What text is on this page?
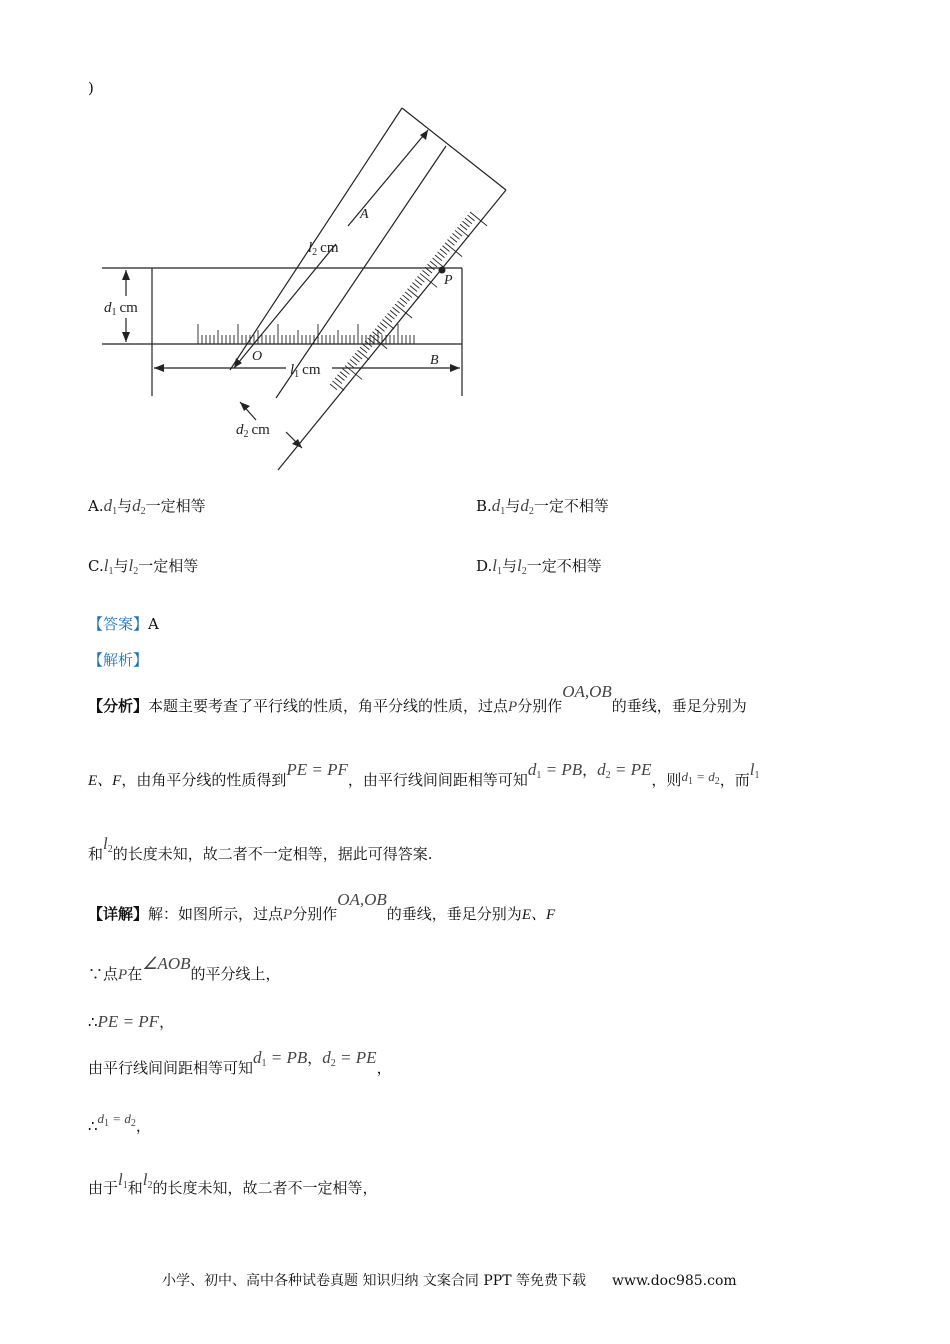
)
A
B
O
P
$l_2$ cm
$d_1$ cm
$l_1$ cm
$d_2$ cm
$A.d_1$与$d_2$一定相等	$B.d_1$与$d_2$一定不相等
$C.l_1$与$l_2$一定相等	$D.l_1$与$l_2$一定不相等
【答案】A
【解析】
【分析】本题主要考查了平行线的性质，角平分线的性质，过点P分别作OA,OB的垂线，垂足分别为
E、F，由角平分线的性质得到PE = PF，由平行线间间距相等可知$d_1$ = PB，$d_2$ = PE，则$d_1 = d_2$，而$l^1$
和$l^2$的长度未知，故二者不一定相等，据此可得答案.
【详解】解：如图所示，过点P分别作OA,OB的垂线，垂足分别为E、F
∵点P在∠AOB的平分线上，
∴PE = PF，
由平行线间间距相等可知$d_1$ = PB，$d_2$ = PE，
$\therefore d_1 = d_2$，
由于$l^1$和$l^2$的长度未知，故二者不一定相等，
小学、初中、高中各种试卷真题 知识归纳 文案合同 PPT 等免费下载 www.doc985.com
